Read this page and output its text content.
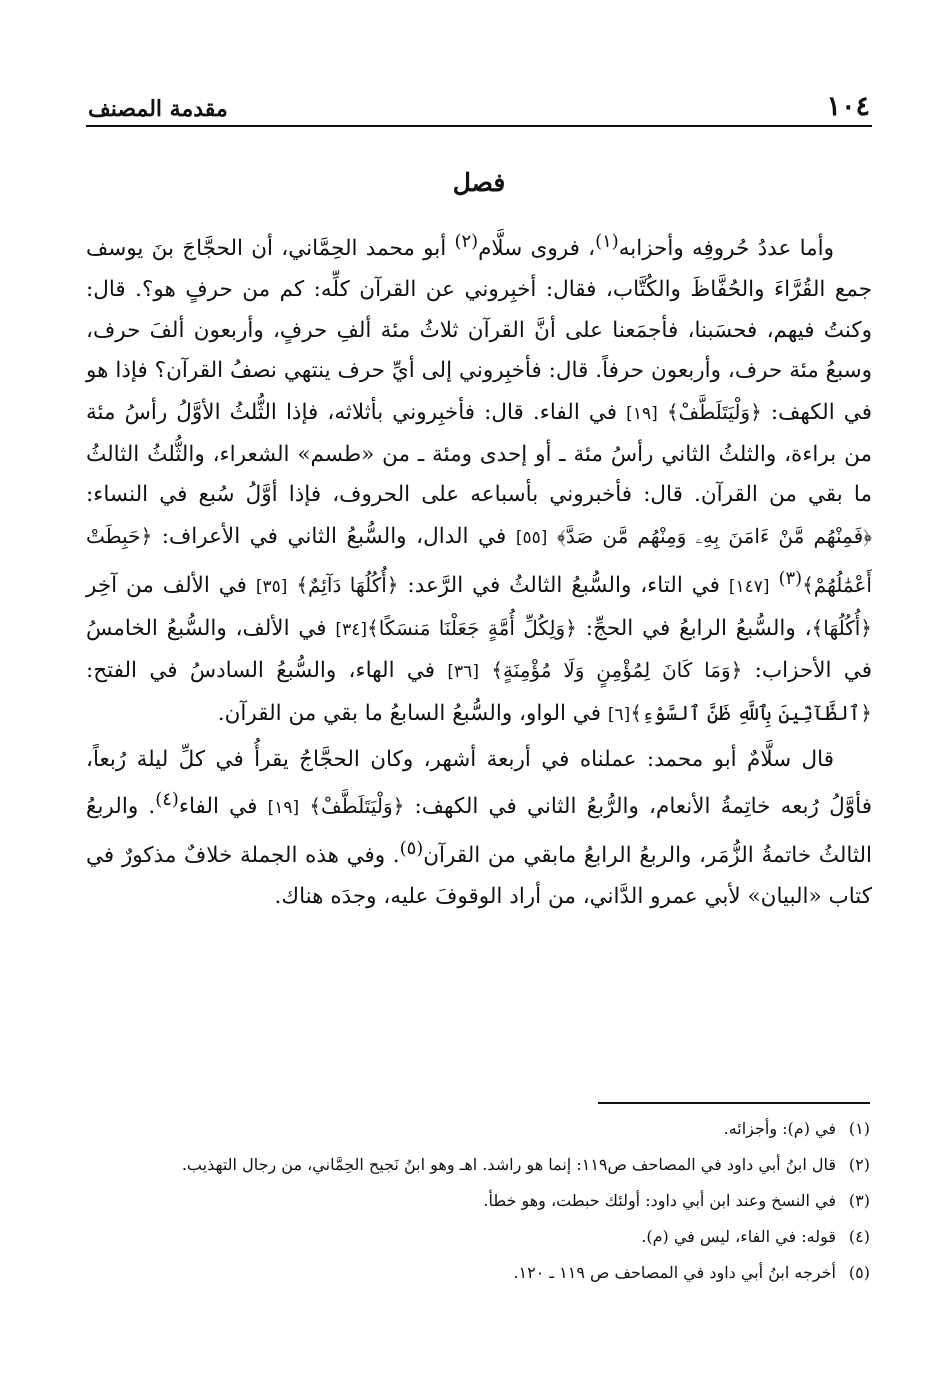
١٠٤
مقدمة المصنف
فصل

وأما عددُ حُروفِه وأحزابه$^{(١)}$، فروى سلَّام$^{(٢)}$ أبو محمد الحِمَّاني، أن الحجَّاجَ بنَ يوسف جمع القُرَّاءَ والحُفَّاظَ والكُتَّاب، فقال: أخبِروني عن القرآن كلِّه: كم من حرفٍ هو؟. قال: وكنتُ فيهم، فحسَبنا، فأجمَعنا على أنَّ القرآن ثلاثُ مئة ألفِ حرفٍ، وأربعون ألفَ حرف، وسبعُ مئة حرف، وأربعون حرفاً. قال: فأخبِروني إلى أيِّ حرف ينتهي نصفُ القرآن؟ فإذا هو في الكهف: ﴿وَلْيَتَلَطَّفْ﴾ [١٩] في الفاء. قال: فأخبِروني بأثلاثه، فإذا الثُّلثُ الأوَّلُ رأسُ مئة من براءة، والثلثُ الثاني رأسُ مئة ـ أو إحدى ومئة ـ من «طسم» الشعراء، والثُّلثُ الثالثُ ما بقي من القرآن. قال: فأخبروني بأسباعه على الحروف، فإذا أوَّلُ سُبع في النساء: ﴿فَمِنْهُم مَّنْ ءَامَنَ بِهِۦ وَمِنْهُم مَّن صَدَّ﴾ [٥٥] في الدال، والسُّبعُ الثاني في الأعراف: ﴿حَبِطَتْ أَعْمَٰلُهُمْ﴾$^{(٣)}$ [١٤٧] في التاء، والسُّبعُ الثالثُ في الرَّعد: ﴿أُكُلُهَا دَآئِمٌ﴾ [٣٥] في الألف من آخِر ﴿أُكُلُهَا﴾، والسُّبعُ الرابعُ في الحجِّ: ﴿وَلِكُلِّ أُمَّةٍ جَعَلْنَا مَنسَكًا﴾[٣٤] في الألف، والسُّبعُ الخامسُ في الأحزاب: ﴿وَمَا كَانَ لِمُؤْمِنٍ وَلَا مُؤْمِنَةٍ﴾ [٣٦] في الهاء، والسُّبعُ السادسُ في الفتح: ﴿ٱلظَّآنِّينَ بِٱللَّهِ ظَنَّ ٱلسَّوْءِ﴾[٦] في الواو، والسُّبعُ السابعُ ما بقي من القرآن.

قال سلَّامٌ أبو محمد: عملناه في أربعة أشهر، وكان الحجَّاجُ يقرأُ في كلِّ ليلة رُبعاً، فأوَّلُ رُبعه خاتِمةُ الأنعام، والرُّبعُ الثاني في الكهف: ﴿وَلْيَتَلَطَّفْ﴾ [١٩] في الفاء$^{(٤)}$. والربعُ الثالثُ خاتمةُ الزُّمَر، والربعُ الرابعُ مابقي من القرآن$^{(٥)}$. وفي هذه الجملة خلافٌ مذكورٌ في كتاب «البيان» لأبي عمرو الدَّاني، من أراد الوقوفَ عليه، وجدَه هناك.

(١)
في (م): وأجزائه.
(٢)
قال ابنُ أبي داود في المصاحف ص١١٩: إنما هو راشد. اهـ وهو ابنُ نَجيح الحِمَّاني، من رجال التهذيب.
(٣)
في النسخ وعند ابن أبي داود: أولئك حبطت، وهو خطأ.
(٤)
قوله: في الفاء، ليس في (م).
(٥)
أخرجه ابنُ أبي داود في المصاحف ص ١١٩ ـ ١٢٠.
